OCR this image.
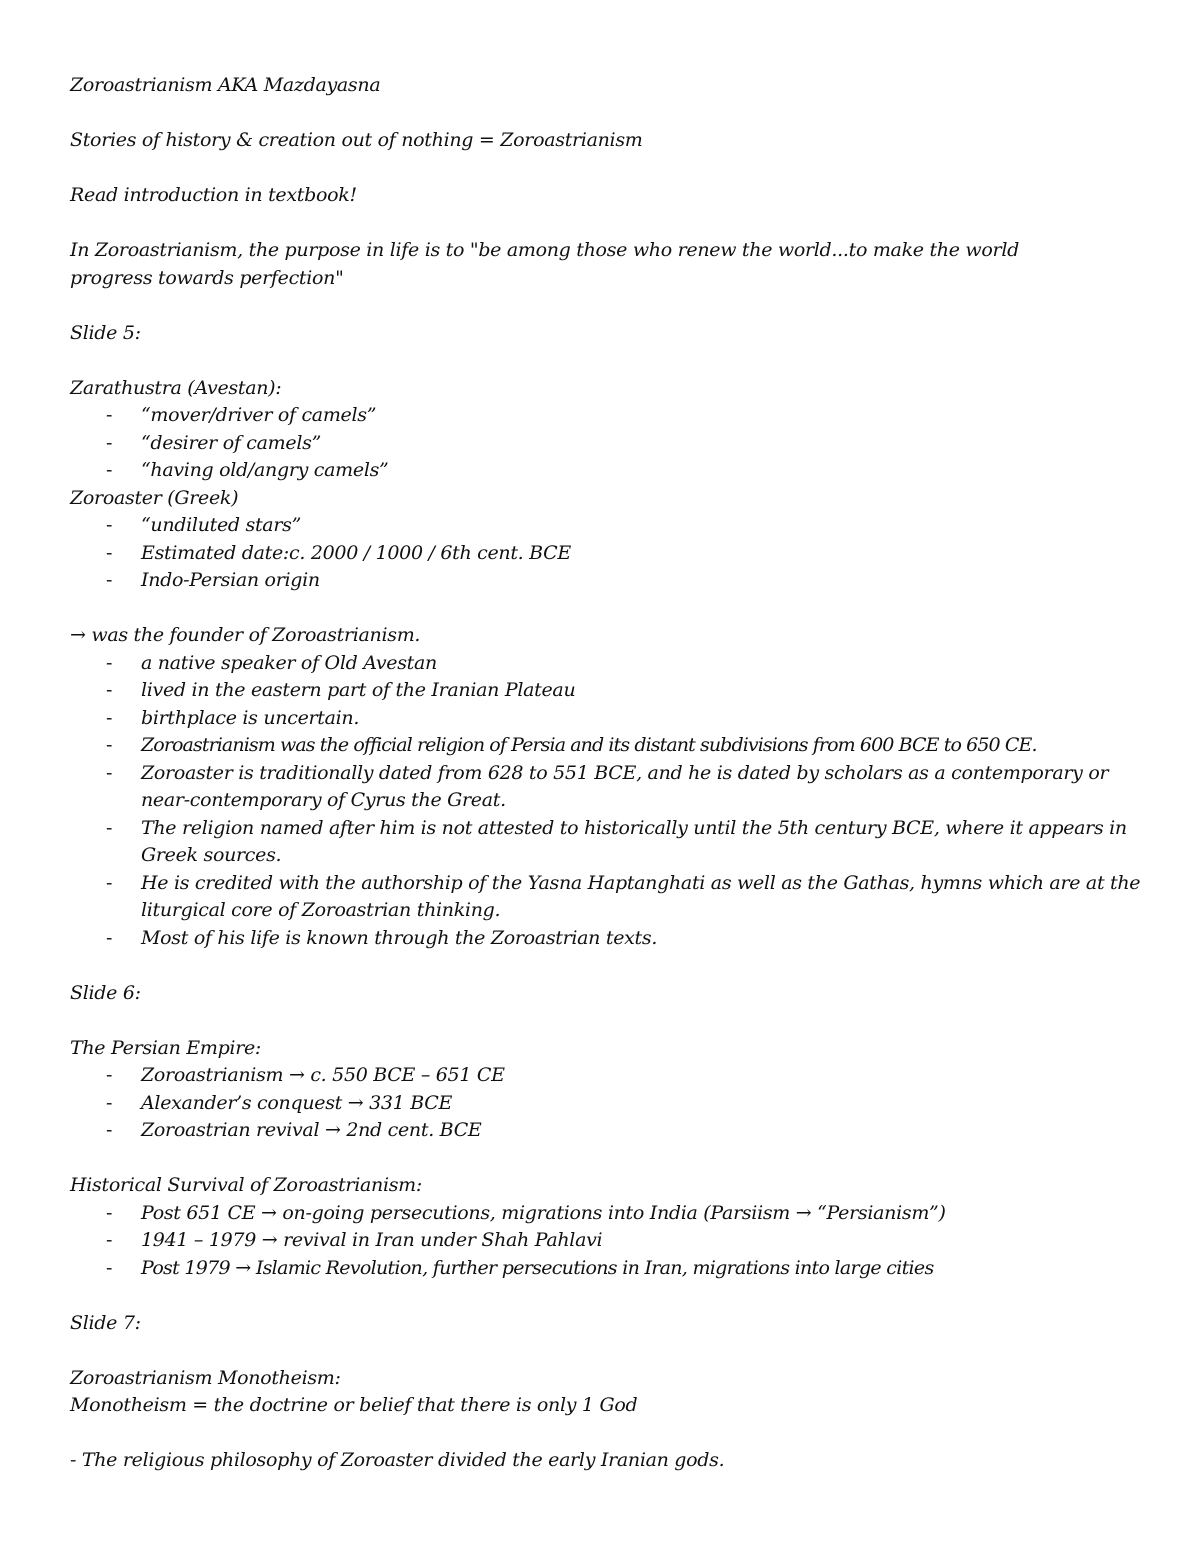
Zoroastrianism AKA Mazdayasna

Stories of history & creation out of nothing = Zoroastrianism

Read introduction in textbook!

In Zoroastrianism, the purpose in life is to "be among those who renew the world...to make the world progress towards perfection"

Slide 5:

Zarathustra (Avestan):

- “mover/driver of camels”
- “desirer of camels”
- “having old/angry camels”

Zoroaster (Greek)

- “undiluted stars”
- Estimated date:c. 2000 / 1000 / 6th cent. BCE
- Indo-Persian origin

→ was the founder of Zoroastrianism.

- a native speaker of Old Avestan
- lived in the eastern part of the Iranian Plateau
- birthplace is uncertain.
- Zoroastrianism was the official religion of Persia and its distant subdivisions from 600 BCE to 650 CE.
- Zoroaster is traditionally dated from 628 to 551 BCE, and he is dated by scholars as a contemporary or near-contemporary of Cyrus the Great.
- The religion named after him is not attested to historically until the 5th century BCE, where it appears in Greek sources.
- He is credited with the authorship of the Yasna Haptanghati as well as the Gathas, hymns which are at the liturgical core of Zoroastrian thinking.
- Most of his life is known through the Zoroastrian texts.

Slide 6:

The Persian Empire:

- Zoroastrianism → c. 550 BCE – 651 CE
- Alexander’s conquest → 331 BCE
- Zoroastrian revival → 2nd cent. BCE

Historical Survival of Zoroastrianism:

- Post 651 CE → on-going persecutions, migrations into India (Parsiism → “Persianism”)
- 1941 – 1979 → revival in Iran under Shah Pahlavi
- Post 1979 → Islamic Revolution, further persecutions in Iran, migrations into large cities

Slide 7:

Zoroastrianism Monotheism:

Monotheism = the doctrine or belief that there is only 1 God

- The religious philosophy of Zoroaster divided the early Iranian gods.
